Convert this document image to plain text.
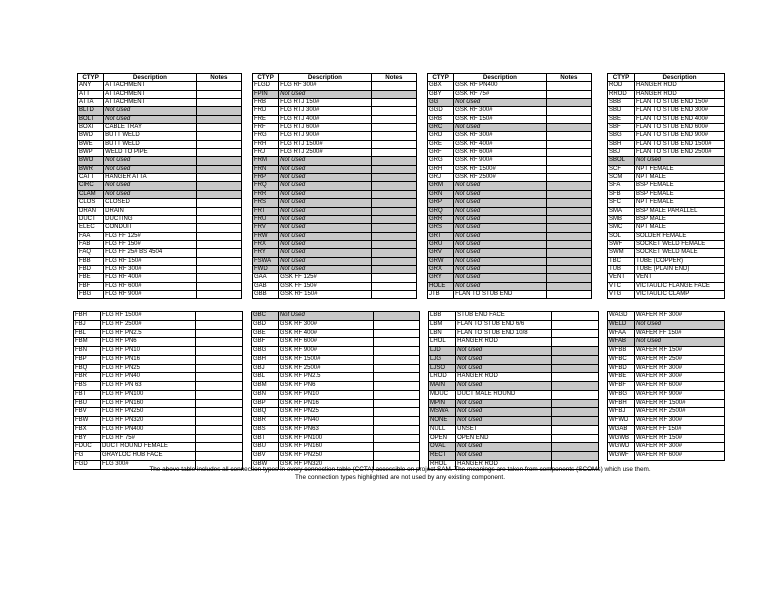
CTYP	Description	Notes
ANY	ATTACHMENT	
ATT	ATTACHMENT	
ATTA	ATTACHMENT	
BLTD	Not Used	
BOLT	Not Used	
BOXI	CABLE TRAY	
BWD	BUTT WELD	
BWE	BUTT WELD	
BWP	WELD TO PIPE	
BWO	Not Used	
BWR	Not Used	
CATT	HANGER ATTA	
CIRC	Not Used	
CLAM	Not Used	
CLOS	CLOSED	
DRAN	DRAIN	
DUCT	DUCTING	
ELEC	CONDUIT	
FAA	FLG FF 125#	
FAB	FLG FF 150#	
FAQ	FLG FF 25# BS 4504	
FBB	FLG RF 150#	
FBD	FLG RF 300#	
FBE	FLG RF 400#	
FBF	FLG RF 600#	
FBG	FLG RF 900#	
CTYP	Description	Notes
FLGD	FLG RF 300#	
FPIN	Not Used	
FRB	FLG RTJ 150#	
FRD	FLG RTJ 300#	
FRE	FLG RTJ 400#	
FRF	FLG RTJ 600#	
FRG	FLG RTJ 900#	
FRH	FLG RTJ 1500#	
FRJ	FLG RTJ 2500#	
FRM	Not Used	
FRN	Not Used	
FRP	Not Used	
FRQ	Not Used	
FRR	Not Used	
FRS	Not Used	
FRT	Not Used	
FRU	Not Used	
FRV	Not Used	
FRW	Not Used	
FRX	Not Used	
FRY	Not Used	
FSWA	Not Used	
FWD	Not Used	
GAA	GSK FF 125#	
GAB	GSK FF 150#	
GBB	GSK RF 150#	
CTYP	Description	Notes
GBX	GSK RF PN400	
GBY	GSK RF 75#	
GG	Not Used	
GGD	GSK RF 300#	
GRB	GSK RF 150#	
GRC	Not Used	
GRD	GSK RF 300#	
GRE	GSK RF 400#	
GRF	GSK RF 600#	
GRG	GSK RF 900#	
GRH	GSK RF 1500#	
GRJ	GSK RF 2500#	
GRM	Not Used	
GRN	Not Used	
GRP	Not Used	
GRQ	Not Used	
GRR	Not Used	
GRS	Not Used	
GRT	Not Used	
GRU	Not Used	
GRV	Not Used	
GRW	Not Used	
GRX	Not Used	
GRY	Not Used	
HOLE	Not Used	
JTB	FLAN TO STUB END	
CTYP	Description
ROD	HANGER ROD
RROD	HANGER ROD
SBB	FLAN TO STUB END 150#
SBD	FLAN TO STUB END 300#
SBE	FLAN TO STUB END 400#
SBF	FLAN TO STUB END 600#
SBG	FLAN TO STUB END 900#
SBH	FLAN TO STUB END 1500#
SBJ	FLAN TO STUB END 2500#
SBOL	Not Used
SCF	NPT FEMALE
SCM	NPT MALE
SFA	BSP FEMALE
SFB	BSP FEMALE
SFC	NPT FEMALE
SMA	BSP MALE PARALLEL
SMB	BSP MALE
SMC	NPT MALE
SOL	SOLDER FEMALE
SWF	SOCKET WELD FEMALE
SWM	SOCKET WELD MALE
TBC	TUBE (COPPER)
TUB	TUBE (PLAIN END)
VENT	VENT
VTC	VICTAULIC FLANGE FACE
VTG	VICTAULIC CLAMP
FBH	FLG RF 1500#	
FBJ	FLG RF 2500#	
FBL	FLG RF PN2.5	
FBM	FLG RF PN6	
FBN	FLG RF PN10	
FBP	FLG RF PN16	
FBQ	FLG RF PN25	
FBR	FLG RF PN40	
FBS	FLG RF PN 63	
FBT	FLG RF PN100	
FBU	FLG RF PN160	
FBV	FLG RF PN250	
FBW	FLG RF PN320	
FBX	FLG RF PN400	
FBY	FLG RF 75#	
FDUC	DUCT ROUND FEMALE	
FG	GRAYLOC HUB FACE	
FGD	FLG 300#	
GBC	Not Used	
GBD	GSK RF 300#	
GBE	GSK RF 400#	
GBF	GSK RF 600#	
GBG	GSK RF 900#	
GBH	GSK RF 1500#	
GBJ	GSK RF 2500#	
GBL	GSK RF PN2.5	
GBM	GSK RF PN6	
GBN	GSK RF PN10	
GBP	GSK RF PN16	
GBQ	GSK RF PN25	
GBR	GSK RF PN40	
GBS	GSK RF PN63	
GBT	GSK RF PN100	
GBU	GSK RF PN160	
GBV	GSK RF PN250	
GBW	GSK RF PN320	
LBB	STUB END FACE	
LBM	FLAN TO STUB END 6/6	
LBN	FLAN TO STUB END 10/8	
LHOL	HANGER ROD	
LJD	Not Used	
LJG	Not Used	
LJSO	Not Used	
LROD	HANGER ROD	
MAIN	Not Used	
MDUC	DUCT MALE ROUND	
MPIN	Not Used	
MSWA	Not Used	
NONE	Not Used	
NULL	UNSET	
OPEN	OPEN END	
OVAL	Not Used	
RECT	Not Used	
RHOL	HANGER ROD	
WAGD	WAFER RF 300#
WELD	Not Used
WFAA	WAFER FF 150#
WFAB	Not Used
WFBB	WAFER RF 150#
WFBC	WAFER RF 250#
WFBD	WAFER RF 300#
WFBE	WAFER RF 300#
WFBF	WAFER RF 600#
WFBG	WAFER RF 900#
WFBH	WAFER RF 1500#
WFBJ	WAFER RF 2500#
WFWD	WAFER RF 300#
WGAB	WAFER FF 150#
WGWB	WAFER RF 150#
WGWD	WAFER RF 300#
WGWF	WAFER RF 600#
The above table includes all connection types in every connection table (CCTA) accessible on project SAM. The meanings are taken from components (SCOMs) which use them.
The connection types highlighted are not used by any existing component.
